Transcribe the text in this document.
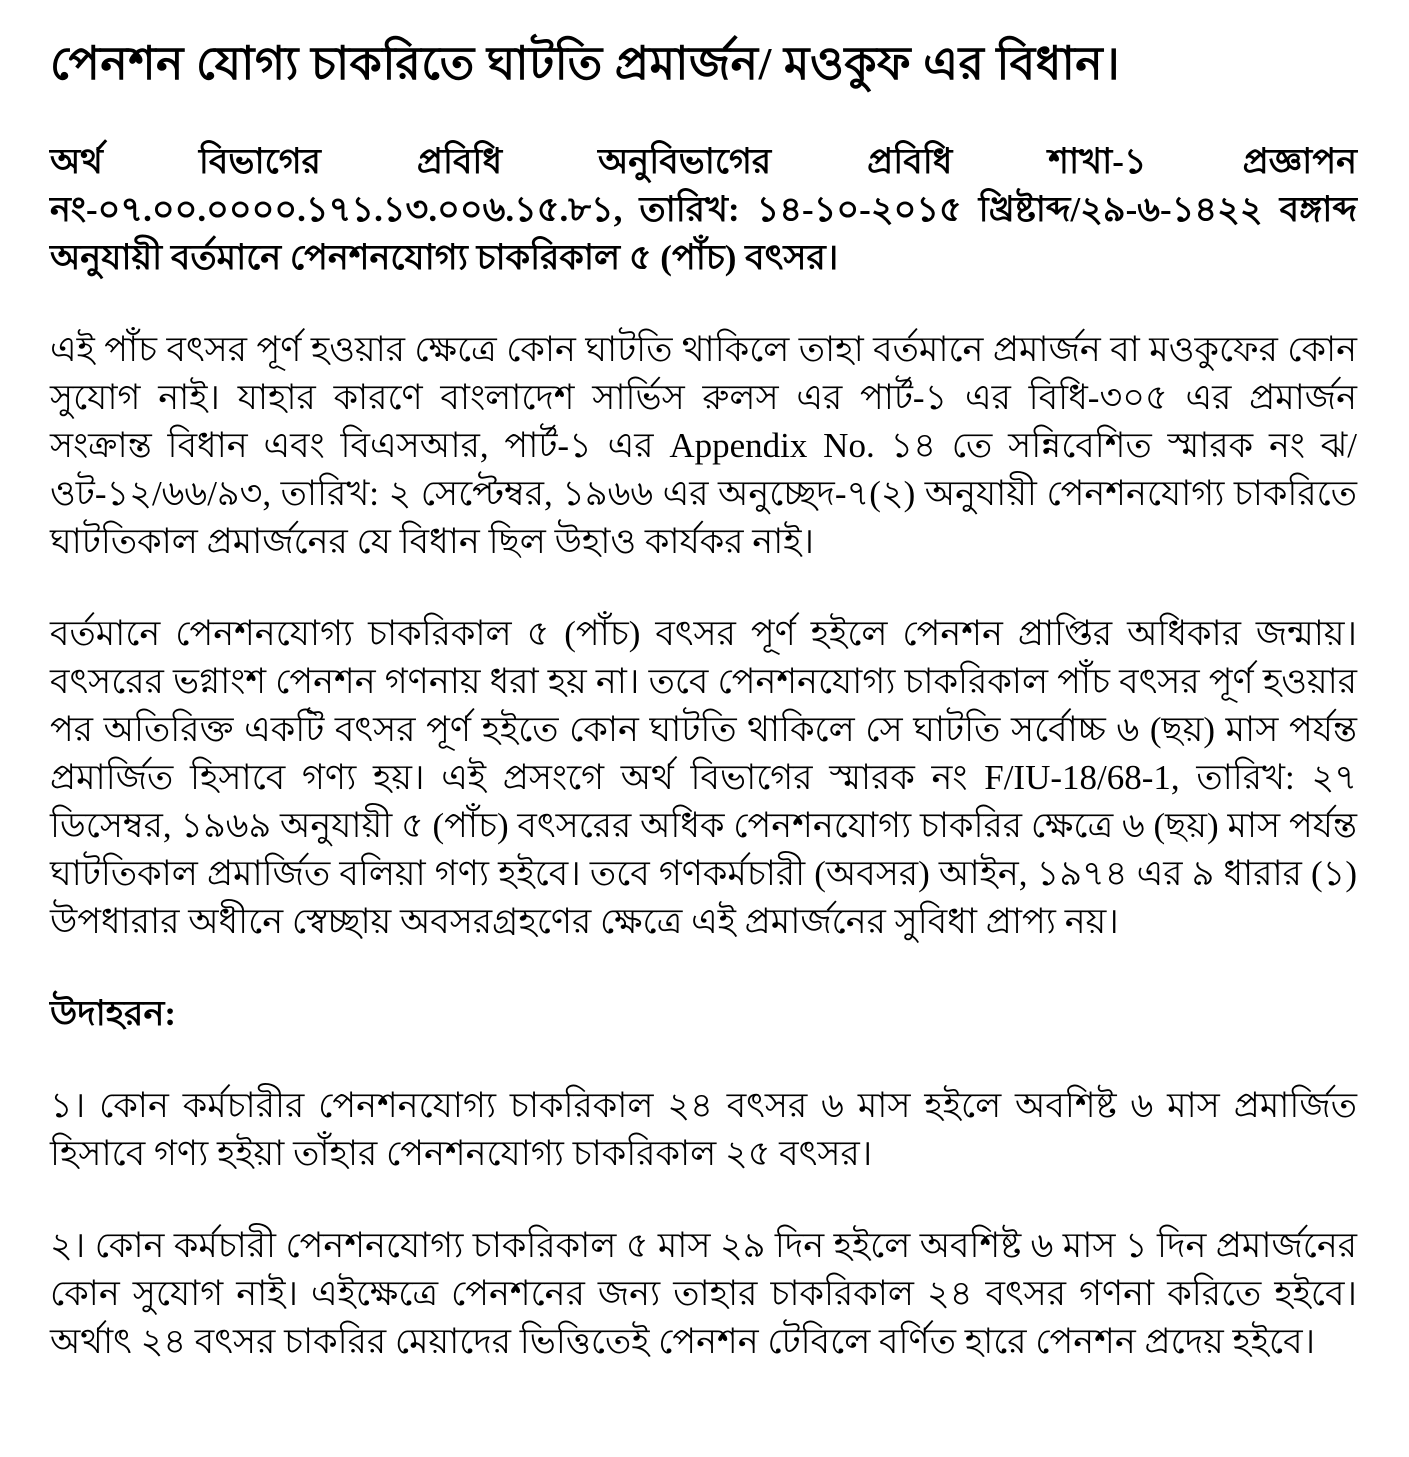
পেনশন যোগ্য চাকরিতে ঘাটতি প্রমার্জন/ মওকুফ এর বিধান।

অর্থ বিভাগের প্রবিধি অনুবিভাগের প্রবিধি শাখা-১ প্রজ্ঞাপন নং-০৭.০০.০০০০.১৭১.১৩.০০৬.১৫.৮১, তারিখ: ১৪-১০-২০১৫ খ্রিষ্টাব্দ/২৯-৬-১৪২২ বঙ্গাব্দ অনুযায়ী বর্তমানে পেনশনযোগ্য চাকরিকাল ৫ (পাঁচ) বৎসর।

এই পাঁচ বৎসর পূর্ণ হওয়ার ক্ষেত্রে কোন ঘাটতি থাকিলে তাহা বর্তমানে প্রমার্জন বা মওকুফের কোন সুযোগ নাই। যাহার কারণে বাংলাদেশ সার্ভিস রুলস এর পার্ট-১ এর বিধি-৩০৫ এর প্রমার্জন সংক্রান্ত বিধান এবং বিএসআর, পার্ট-১ এর Appendix No. ১৪ তে সন্নিবেশিত স্মারক নং ঝ/ওট-১২/৬৬/৯৩, তারিখ: ২ সেপ্টেম্বর, ১৯৬৬ এর অনুচ্ছেদ-৭(২) অনুযায়ী পেনশনযোগ্য চাকরিতে ঘাটতিকাল প্রমার্জনের যে বিধান ছিল উহাও কার্যকর নাই।

বর্তমানে পেনশনযোগ্য চাকরিকাল ৫ (পাঁচ) বৎসর পূর্ণ হইলে পেনশন প্রাপ্তির অধিকার জন্মায়। বৎসরের ভগ্নাংশ পেনশন গণনায় ধরা হয় না। তবে পেনশনযোগ্য চাকরিকাল পাঁচ বৎসর পূর্ণ হওয়ার পর অতিরিক্ত একটি বৎসর পূর্ণ হইতে কোন ঘাটতি থাকিলে সে ঘাটতি সর্বোচ্চ ৬ (ছয়) মাস পর্যন্ত প্রমার্জিত হিসাবে গণ্য হয়। এই প্রসংগে অর্থ বিভাগের স্মারক নং F/IU-18/68-1, তারিখ: ২৭ ডিসেম্বর, ১৯৬৯ অনুযায়ী ৫ (পাঁচ) বৎসরের অধিক পেনশনযোগ্য চাকরির ক্ষেত্রে ৬ (ছয়) মাস পর্যন্ত ঘাটতিকাল প্রমার্জিত বলিয়া গণ্য হইবে। তবে গণকর্মচারী (অবসর) আইন, ১৯৭৪ এর ৯ ধারার (১) উপধারার অধীনে স্বেচ্ছায় অবসরগ্রহণের ক্ষেত্রে এই প্রমার্জনের সুবিধা প্রাপ্য নয়।

উদাহরন:

১। কোন কর্মচারীর পেনশনযোগ্য চাকরিকাল ২৪ বৎসর ৬ মাস হইলে অবশিষ্ট ৬ মাস প্রমার্জিত হিসাবে গণ্য হইয়া তাঁহার পেনশনযোগ্য চাকরিকাল ২৫ বৎসর।

২। কোন কর্মচারী পেনশনযোগ্য চাকরিকাল ৫ মাস ২৯ দিন হইলে অবশিষ্ট ৬ মাস ১ দিন প্রমার্জনের কোন সুযোগ নাই। এইক্ষেত্রে পেনশনের জন্য তাহার চাকরিকাল ২৪ বৎসর গণনা করিতে হইবে। অর্থাৎ ২৪ বৎসর চাকরির মেয়াদের ভিত্তিতেই পেনশন টেবিলে বর্ণিত হারে পেনশন প্রদেয় হইবে।
